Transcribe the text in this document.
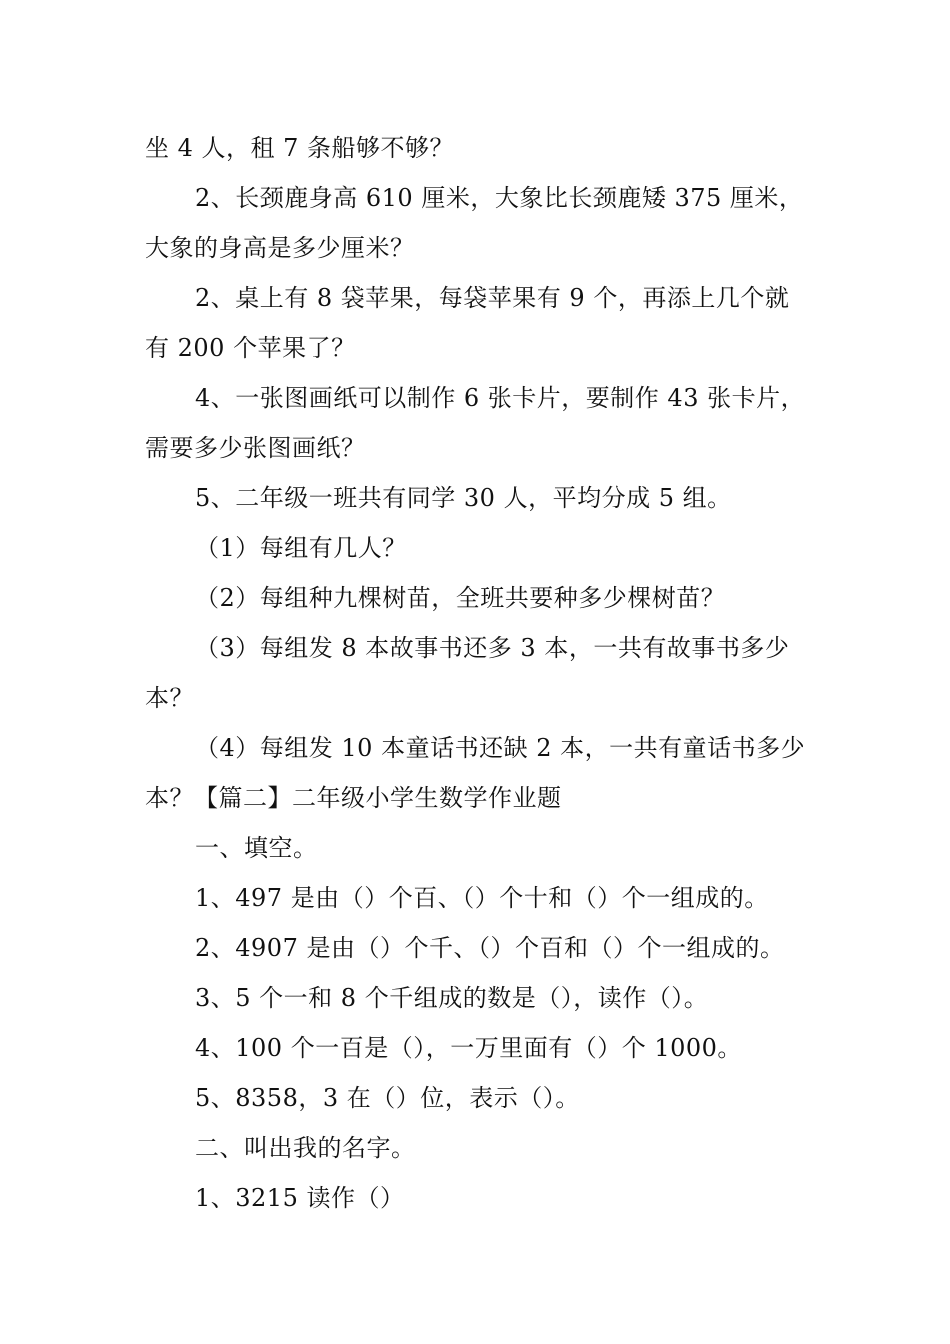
坐 4 人，租 7 条船够不够？
2、长颈鹿身高 610 厘米，大象比长颈鹿矮 375 厘米，
大象的身高是多少厘米？
2、桌上有 8 袋苹果，每袋苹果有 9 个，再添上几个就
有 200 个苹果了？
4、一张图画纸可以制作 6 张卡片，要制作 43 张卡片，
需要多少张图画纸？
5、二年级一班共有同学 30 人，平均分成 5 组。
（1）每组有几人？
（2）每组种九棵树苗，全班共要种多少棵树苗？
（3）每组发 8 本故事书还多 3 本，一共有故事书多少
本？
（4）每组发 10 本童话书还缺 2 本，一共有童话书多少
本？【篇二】二年级小学生数学作业题
一、填空。
1、497 是由（）个百、（）个十和（）个一组成的。
2、4907 是由（）个千、（）个百和（）个一组成的。
3、5 个一和 8 个千组成的数是（），读作（）。
4、100 个一百是（），一万里面有（）个 1000。
5、8358，3 在（）位，表示（）。
二、叫出我的名字。
1、3215 读作（）
